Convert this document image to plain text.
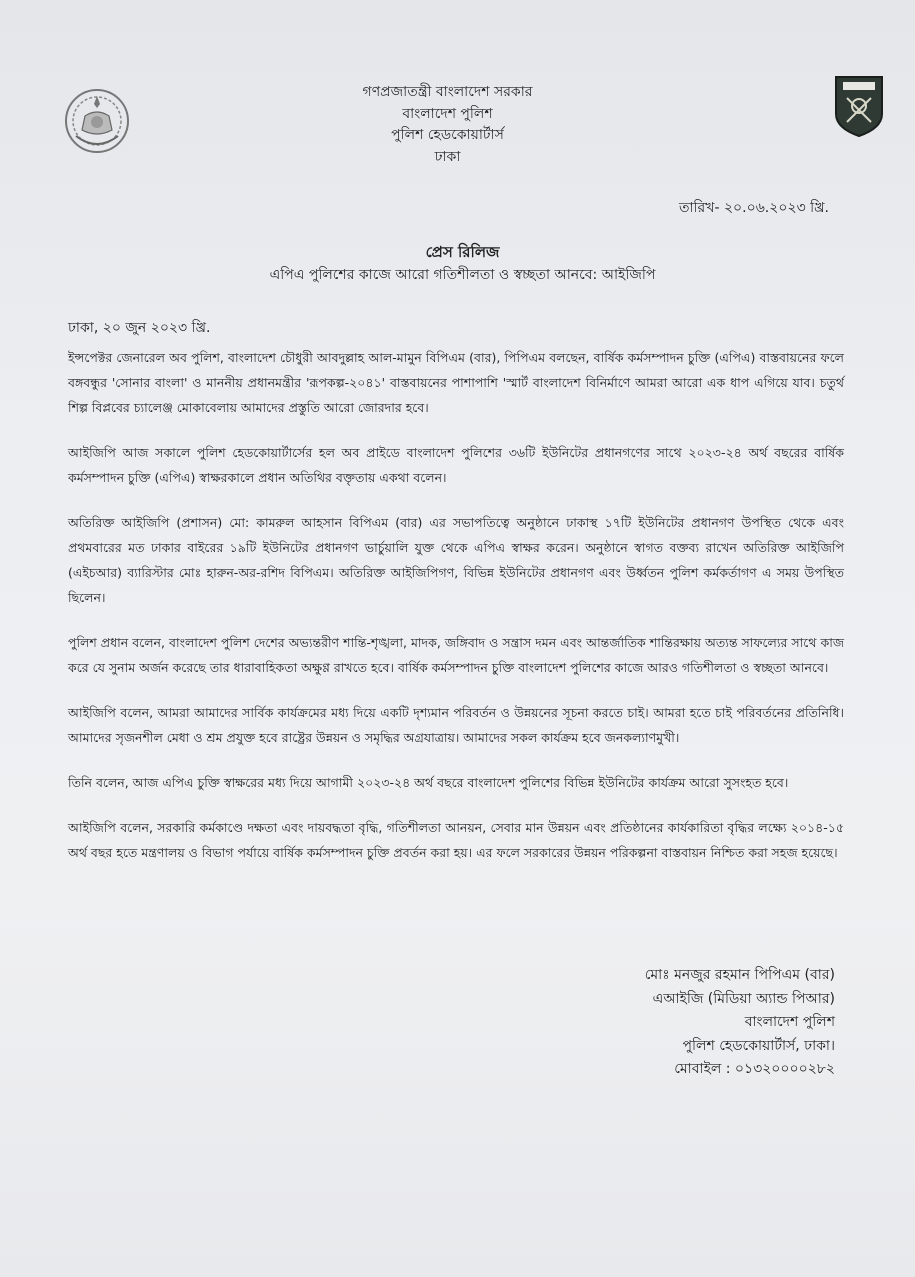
গণপ্রজাতন্ত্রী বাংলাদেশ সরকার
বাংলাদেশ পুলিশ
পুলিশ হেডকোয়ার্টার্স
ঢাকা
তারিখ- ২০.০৬.২০২৩ খ্রি.
প্রেস রিলিজ
এপিএ পুলিশের কাজে আরো গতিশীলতা ও স্বচ্ছতা আনবে: আইজিপি
ঢাকা, ২০ জুন ২০২৩ খ্রি.

ইন্সপেক্টর জেনারেল অব পুলিশ, বাংলাদেশ চৌধুরী আবদুল্লাহ আল-মামুন বিপিএম (বার), পিপিএম বলছেন, বার্ষিক কর্মসম্পাদন চুক্তি (এপিএ) বাস্তবায়নের ফলে বঙ্গবন্ধুর 'সোনার বাংলা' ও মাননীয় প্রধানমন্ত্রীর 'রূপকল্প-২০৪১' বাস্তবায়নের পাশাপাশি 'স্মার্ট বাংলাদেশ বিনির্মাণে আমরা আরো এক ধাপ এগিয়ে যাব। চতুর্থ শিল্প বিপ্লবের চ্যালেঞ্জ মোকাবেলায় আমাদের প্রস্তুতি আরো জোরদার হবে।

আইজিপি আজ সকালে পুলিশ হেডকোয়ার্টার্সের হল অব প্রাইডে বাংলাদেশ পুলিশের ৩৬টি ইউনিটের প্রধানগণের সাথে ২০২৩-২৪ অর্থ বছরের বার্ষিক কর্মসম্পাদন চুক্তি (এপিএ) স্বাক্ষরকালে প্রধান অতিথির বক্তৃতায় একথা বলেন।

অতিরিক্ত আইজিপি (প্রশাসন) মো: কামরুল আহসান বিপিএম (বার) এর সভাপতিত্বে অনুষ্ঠানে ঢাকাস্থ ১৭টি ইউনিটের প্রধানগণ উপস্থিত থেকে এবং প্রথমবারের মত ঢাকার বাইরের ১৯টি ইউনিটের প্রধানগণ ভার্চুয়ালি যুক্ত থেকে এপিএ স্বাক্ষর করেন। অনুষ্ঠানে স্বাগত বক্তব্য রাখেন অতিরিক্ত আইজিপি (এইচআর) ব্যারিস্টার মোঃ হারুন-অর-রশিদ বিপিএম। অতিরিক্ত আইজিপিগণ, বিভিন্ন ইউনিটের প্রধানগণ এবং উর্ধ্বতন পুলিশ কর্মকর্তাগণ এ সময় উপস্থিত ছিলেন।

পুলিশ প্রধান বলেন, বাংলাদেশ পুলিশ দেশের অভ্যন্তরীণ শান্তি-শৃঙ্খলা, মাদক, জঙ্গিবাদ ও সন্ত্রাস দমন এবং আন্তর্জাতিক শান্তিরক্ষায় অত্যন্ত সাফল্যের সাথে কাজ করে যে সুনাম অর্জন করেছে তার ধারাবাহিকতা অক্ষুণ্ণ রাখতে হবে। বার্ষিক কর্মসম্পাদন চুক্তি বাংলাদেশ পুলিশের কাজে আরও গতিশীলতা ও স্বচ্ছতা আনবে।

আইজিপি বলেন, আমরা আমাদের সার্বিক কার্যক্রমের মধ্য দিয়ে একটি দৃশ্যমান পরিবর্তন ও উন্নয়নের সূচনা করতে চাই। আমরা হতে চাই পরিবর্তনের প্রতিনিধি। আমাদের সৃজনশীল মেধা ও শ্রম প্রযুক্ত হবে রাষ্ট্রের উন্নয়ন ও সমৃদ্ধির অগ্রযাত্রায়। আমাদের সকল কার্যক্রম হবে জনকল্যাণমুখী।

তিনি বলেন, আজ এপিএ চুক্তি স্বাক্ষরের মধ্য দিয়ে আগামী ২০২৩-২৪ অর্থ বছরে বাংলাদেশ পুলিশের বিভিন্ন ইউনিটের কার্যক্রম আরো সুসংহত হবে।

আইজিপি বলেন, সরকারি কর্মকাণ্ডে দক্ষতা এবং দায়বদ্ধতা বৃদ্ধি, গতিশীলতা আনয়ন, সেবার মান উন্নয়ন এবং প্রতিষ্ঠানের কার্যকারিতা বৃদ্ধির লক্ষ্যে ২০১৪-১৫ অর্থ বছর হতে মন্ত্রণালয় ও বিভাগ পর্যায়ে বার্ষিক কর্মসম্পাদন চুক্তি প্রবর্তন করা হয়। এর ফলে সরকারের উন্নয়ন পরিকল্পনা বাস্তবায়ন নিশ্চিত করা সহজ হয়েছে।

মোঃ মনজুর রহমান পিপিএম (বার)
এআইজি (মিডিয়া অ্যান্ড পিআর)
বাংলাদেশ পুলিশ
পুলিশ হেডকোয়ার্টার্স, ঢাকা।
মোবাইল : ০১৩২০০০০২৮২
